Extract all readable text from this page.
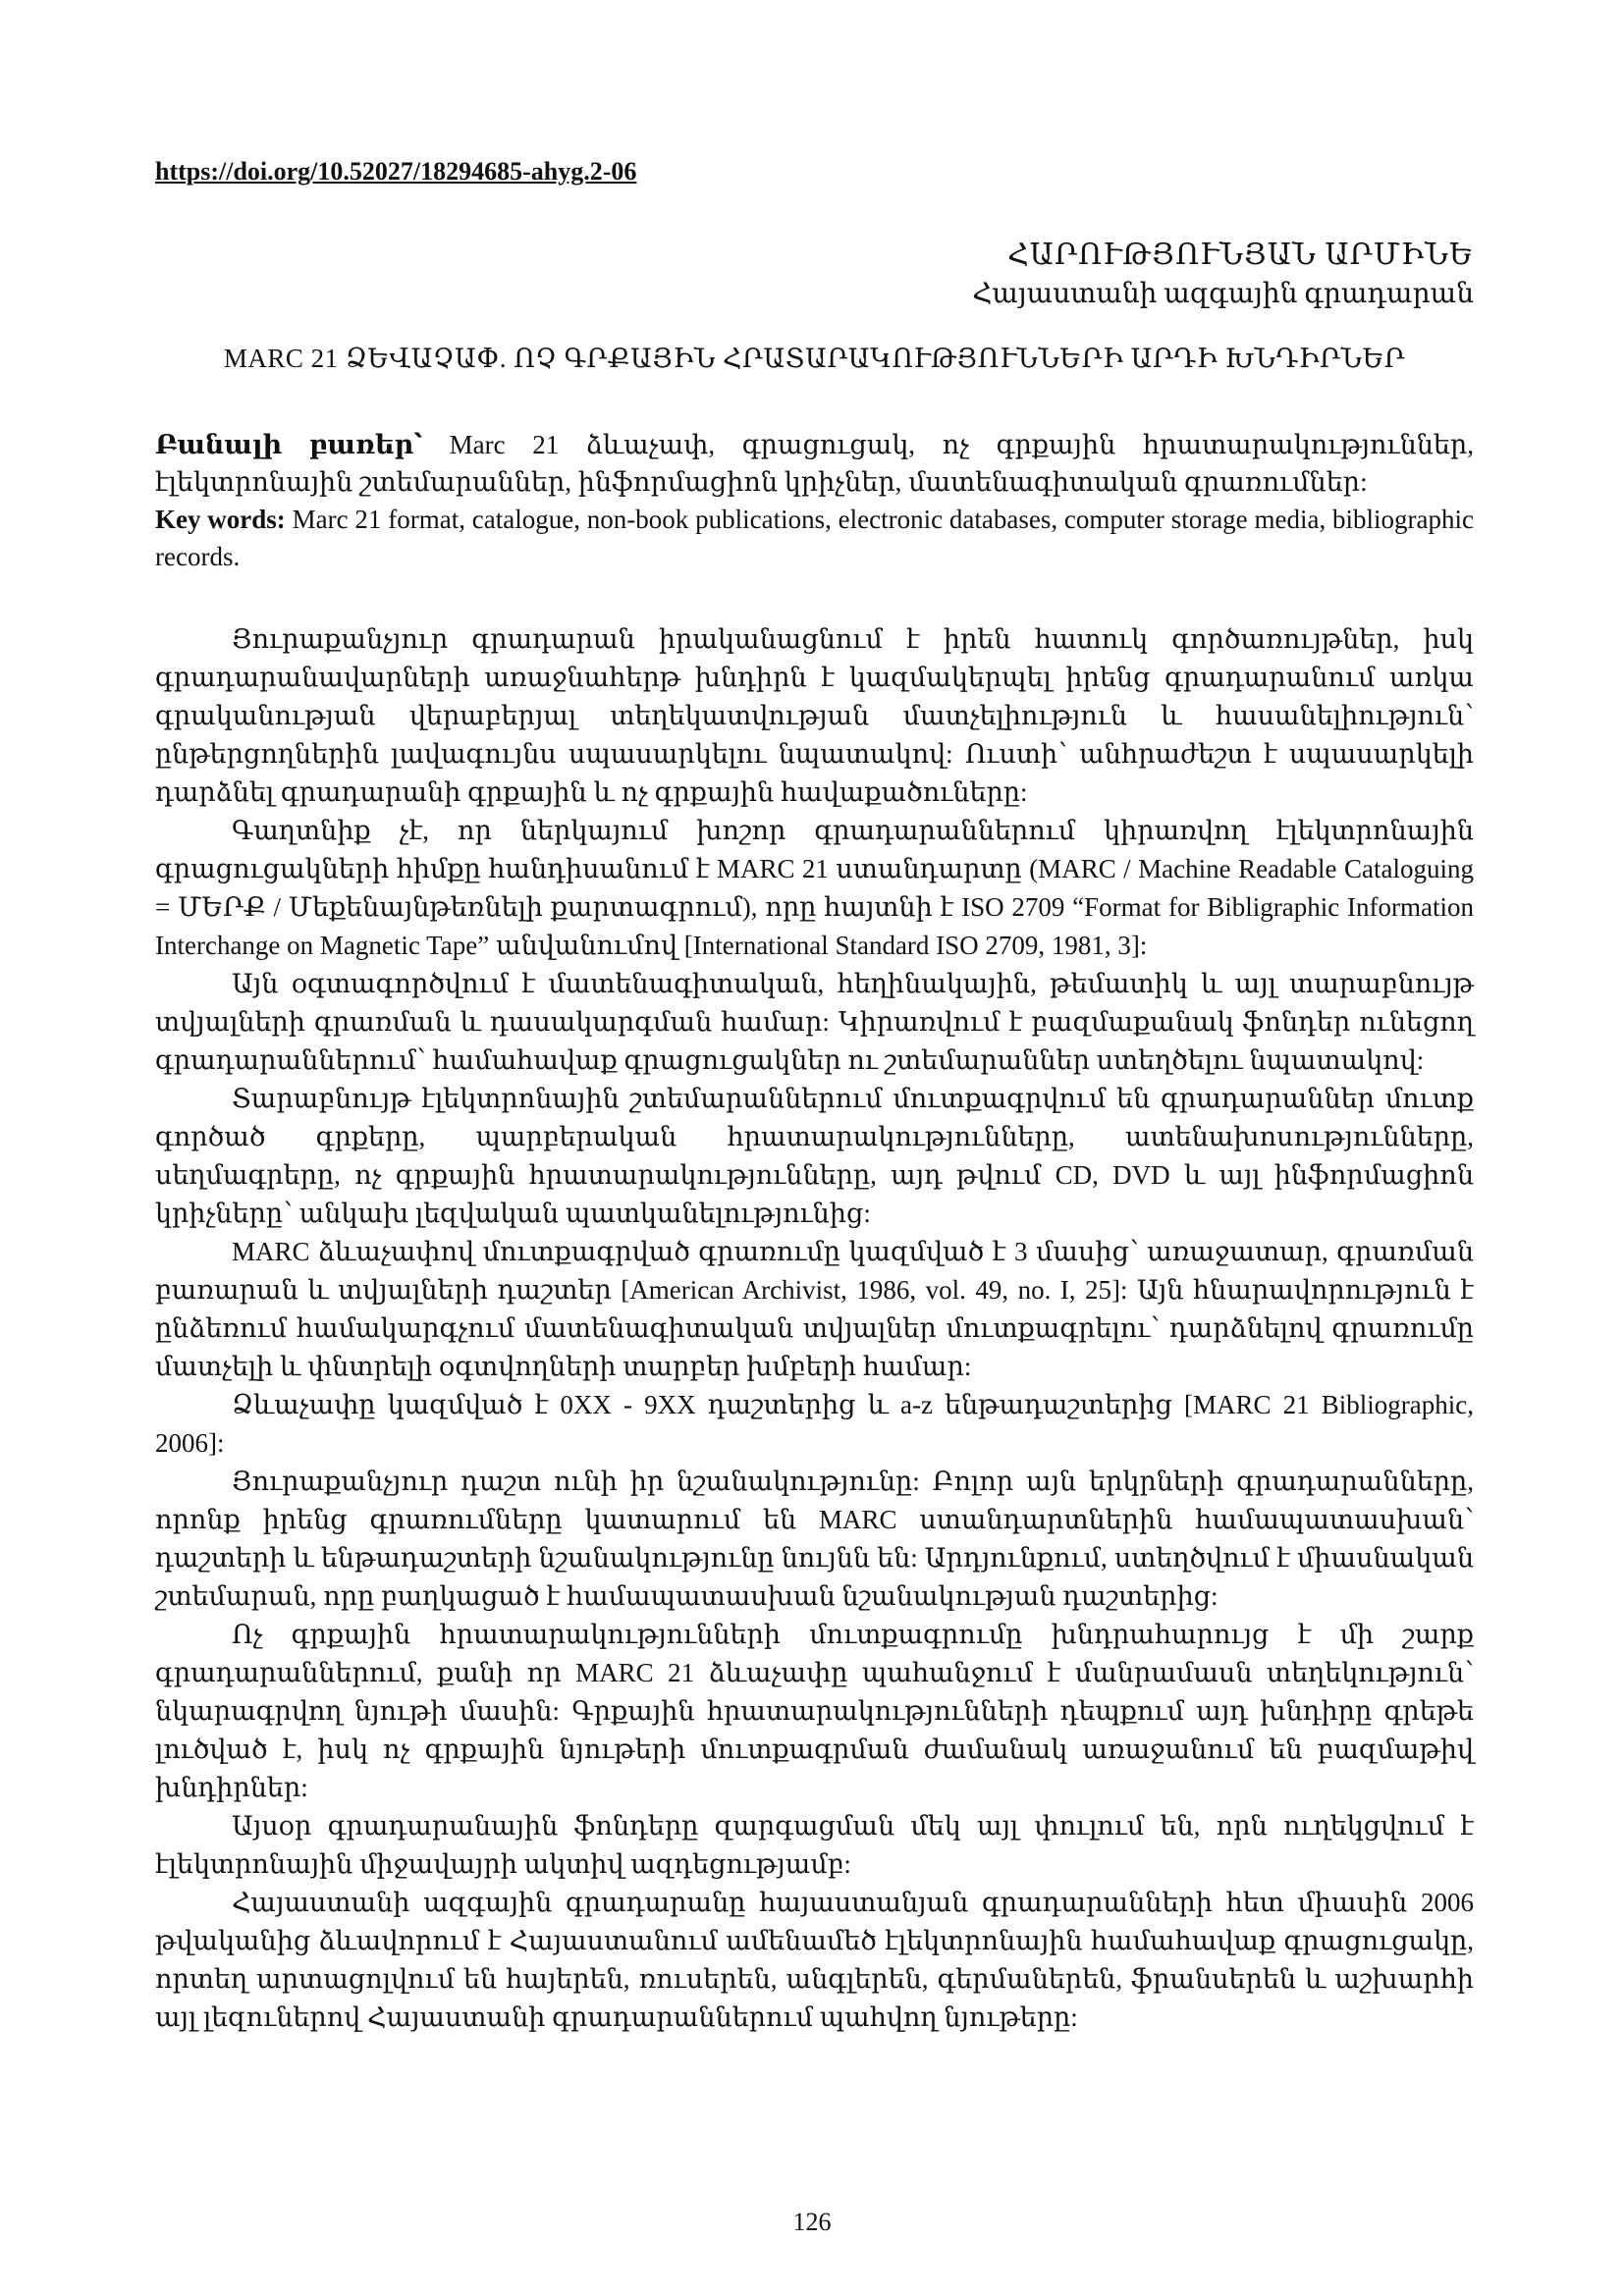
https://doi.org/10.52027/18294685-ahyg.2-06
ՀԱՐՈՒԹՅՈՒՆՅԱՆ ԱՐՄԻՆԵ
Հայաստանի ազգային գրադարան
MARC 21 ՁԵՎԱՉԱՓ. ՈՉ ԳՐՔԱՅԻՆ ՀՐԱՏԱՐԱԿՈՒԹՅՈՒՆՆԵՐԻ ԱՐԴԻ ԽՆԴԻՐՆԵՐ
Բանալի բառեր՝ Marc 21 ձևաչափ, գրացուցակ, ոչ գրքային հրատարակություններ, էլեկտրոնային շտեմարաններ, ինֆորմացիոն կրիչներ, մատենագիտական գրառումներ:
Key words: Marc 21 format, catalogue, non-book publications, electronic databases, computer storage media, bibliographic records.

Յուրաքանչյուր գրադարան իրականացնում է իրեն հատուկ գործառույթներ, իսկ գրադարանավարների առաջնահերթ խնդիրն է կազմակերպել իրենց գրադարանում առկա գրականության վերաբերյալ տեղեկատվության մատչելիություն և հասանելիություն՝ ընթերցողներին լավագույնս սպասարկելու նպատակով: Ուստի՝ անհրաժեշտ է սպասարկելի դարձնել գրադարանի գրքային և ոչ գրքային հավաքածուները:

Գաղտնիք չէ, որ ներկայում խոշոր գրադարաններում կիրառվող էլեկտրոնային գրացուցակների հիմքը հանդիսանում է MARC 21 ստանդարտը (MARC / Machine Readable Cataloguing = ՄԵՐՔ / Մեքենայնթեռնելի քարտագրում), որը հայտնի է ISO 2709 “Format for Bibligraphic Information Interchange on Magnetic Tape” անվանումով [International Standard ISO 2709, 1981, 3]:

Այն օգտագործվում է մատենագիտական, հեղինակային, թեմատիկ և այլ տարաբնույթ տվյալների գրառման և դասակարգման համար: Կիրառվում է բազմաքանակ ֆոնդեր ունեցող գրադարաններում՝ համահավաք գրացուցակներ ու շտեմարաններ ստեղծելու նպատակով:

Տարաբնույթ էլեկտրոնային շտեմարաններում մուտքագրվում են գրադարաններ մուտք գործած գրքերը, պարբերական հրատարակությունները, ատենախոսությունները, սեղմագրերը, ոչ գրքային հրատարակությունները, այդ թվում CD, DVD և այլ ինֆորմացիոն կրիչները՝ անկախ լեզվական պատկանելությունից:

MARC ձևաչափով մուտքագրված գրառումը կազմված է 3 մասից՝ առաջատար, գրառման բառարան և տվյալների դաշտեր [American Archivist, 1986, vol. 49, no. I, 25]: Այն հնարավորություն է ընձեռում համակարգչում մատենագիտական տվյալներ մուտքագրելու՝ դարձնելով գրառումը մատչելի և փնտրելի օգտվողների տարբեր խմբերի համար:

Ձևաչափը կազմված է 0XX - 9XX դաշտերից և a-z ենթադաշտերից [MARC 21 Bibliographic, 2006]:

Յուրաքանչյուր դաշտ ունի իր նշանակությունը: Բոլոր այն երկրների գրադարանները, որոնք իրենց գրառումները կատարում են MARC ստանդարտներին համապատասխան՝ դաշտերի և ենթադաշտերի նշանակությունը նույնն են: Արդյունքում, ստեղծվում է միասնական շտեմարան, որը բաղկացած է համապատասխան նշանակության դաշտերից:

Ոչ գրքային հրատարակությունների մուտքագրումը խնդրահարույց է մի շարք գրադարաններում, քանի որ MARC 21 ձևաչափը պահանջում է մանրամասն տեղեկություն՝ նկարագրվող նյութի մասին: Գրքային հրատարակությունների դեպքում այդ խնդիրը գրեթե լուծված է, իսկ ոչ գրքային նյութերի մուտքագրման ժամանակ առաջանում են բազմաթիվ խնդիրներ:

Այսօր գրադարանային ֆոնդերը զարգացման մեկ այլ փուլում են, որն ուղեկցվում է էլեկտրոնային միջավայրի ակտիվ ազդեցությամբ:

Հայաստանի ազգային գրադարանը հայաստանյան գրադարանների հետ միասին 2006 թվականից ձևավորում է Հայաստանում ամենամեծ էլեկտրոնային համահավաք գրացուցակը, որտեղ արտացոլվում են հայերեն, ռուսերեն, անգլերեն, գերմաներեն, ֆրանսերեն և աշխարհի այլ լեզուներով Հայաստանի գրադարաններում պահվող նյութերը:

126
